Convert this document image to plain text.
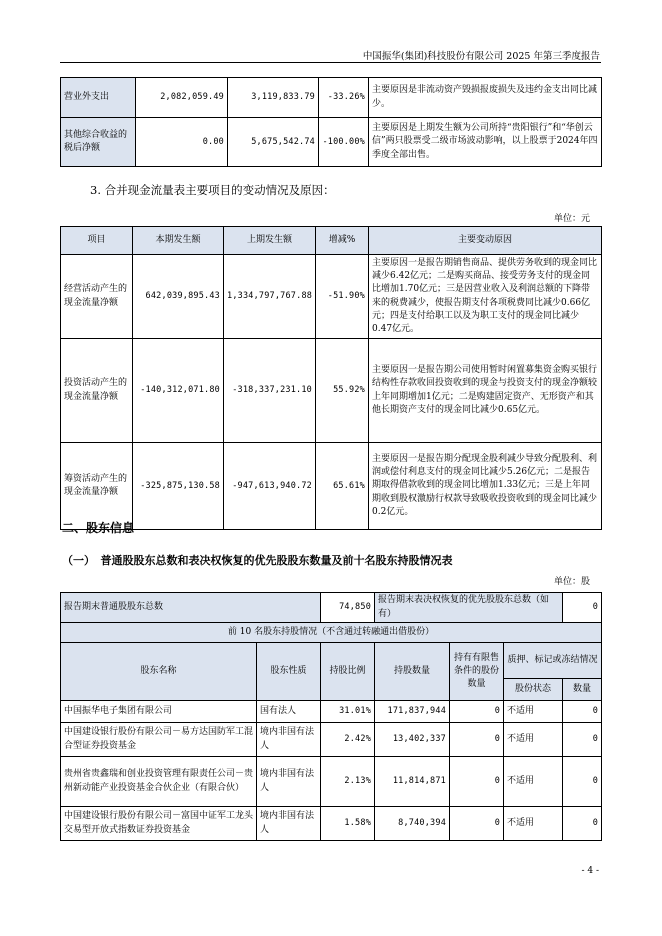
中国振华(集团)科技股份有限公司 2025 年第三季度报告
营业外支出	2,082,059.49	3,119,833.79	-33.26%	主要原因是非流动资产毁损报废损失及违约金支出同比减少。
其他综合收益的税后净额	0.00	5,675,542.74	-100.00%	主要原因是上期发生额为公司所持“贵阳银行”和“华创云信”两只股票受二级市场波动影响，以上股票于2024年四季度全部出售。
3. 合并现金流量表主要项目的变动情况及原因：
单位：元
项目	本期发生额	上期发生额	增减%	主要变动原因
经营活动产生的现金流量净额	642,039,895.43	1,334,797,767.88	-51.90%	主要原因一是报告期销售商品、提供劳务收到的现金同比减少6.42亿元；二是购买商品、接受劳务支付的现金同比增加1.70亿元；三是因营业收入及利润总额的下降带来的税费减少，使报告期支付各项税费同比减少0.66亿元；四是支付给职工以及为职工支付的现金同比减少0.47亿元。
投资活动产生的现金流量净额	-140,312,071.80	-318,337,231.10	55.92%	主要原因一是报告期公司使用暂时闲置募集资金购买银行结构性存款收回投资收到的现金与投资支付的现金净额较上年同期增加1亿元；二是购建固定资产、无形资产和其他长期资产支付的现金同比减少0.65亿元。
筹资活动产生的现金流量净额	-325,875,130.58	-947,613,940.72	65.61%	主要原因一是报告期分配现金股利减少导致分配股利、利润或偿付利息支付的现金同比减少5.26亿元；二是报告期取得借款收到的现金同比增加1.33亿元；三是上年同期收到股权激励行权款导致吸收投资收到的现金同比减少0.2亿元。
二、股东信息
（一）　普通股股东总数和表决权恢复的优先股股东数量及前十名股东持股情况表
单位：股
报告期末普通股股东总数		74,850	报告期末表决权恢复的优先股股东总数（如有）			0
前 10 名股东持股情况（不含通过转融通出借股份）						
股东名称	股东性质	持股比例	持股数量	持有有限售条件的股份数量	质押、标记或冻结情况	
					股份状态	数量
中国振华电子集团有限公司	国有法人	31.01%	171,837,944	0	不适用	0
中国建设银行股份有限公司－易方达国防军工混合型证券投资基金	境内非国有法人	2.42%	13,402,337	0	不适用	0
贵州省贵鑫瑞和创业投资管理有限责任公司－贵州新动能产业投资基金合伙企业（有限合伙）	境内非国有法人	2.13%	11,814,871	0	不适用	0
中国建设银行股份有限公司－富国中证军工龙头交易型开放式指数证券投资基金	境内非国有法人	1.58%	8,740,394	0	不适用	0
- 4 -
